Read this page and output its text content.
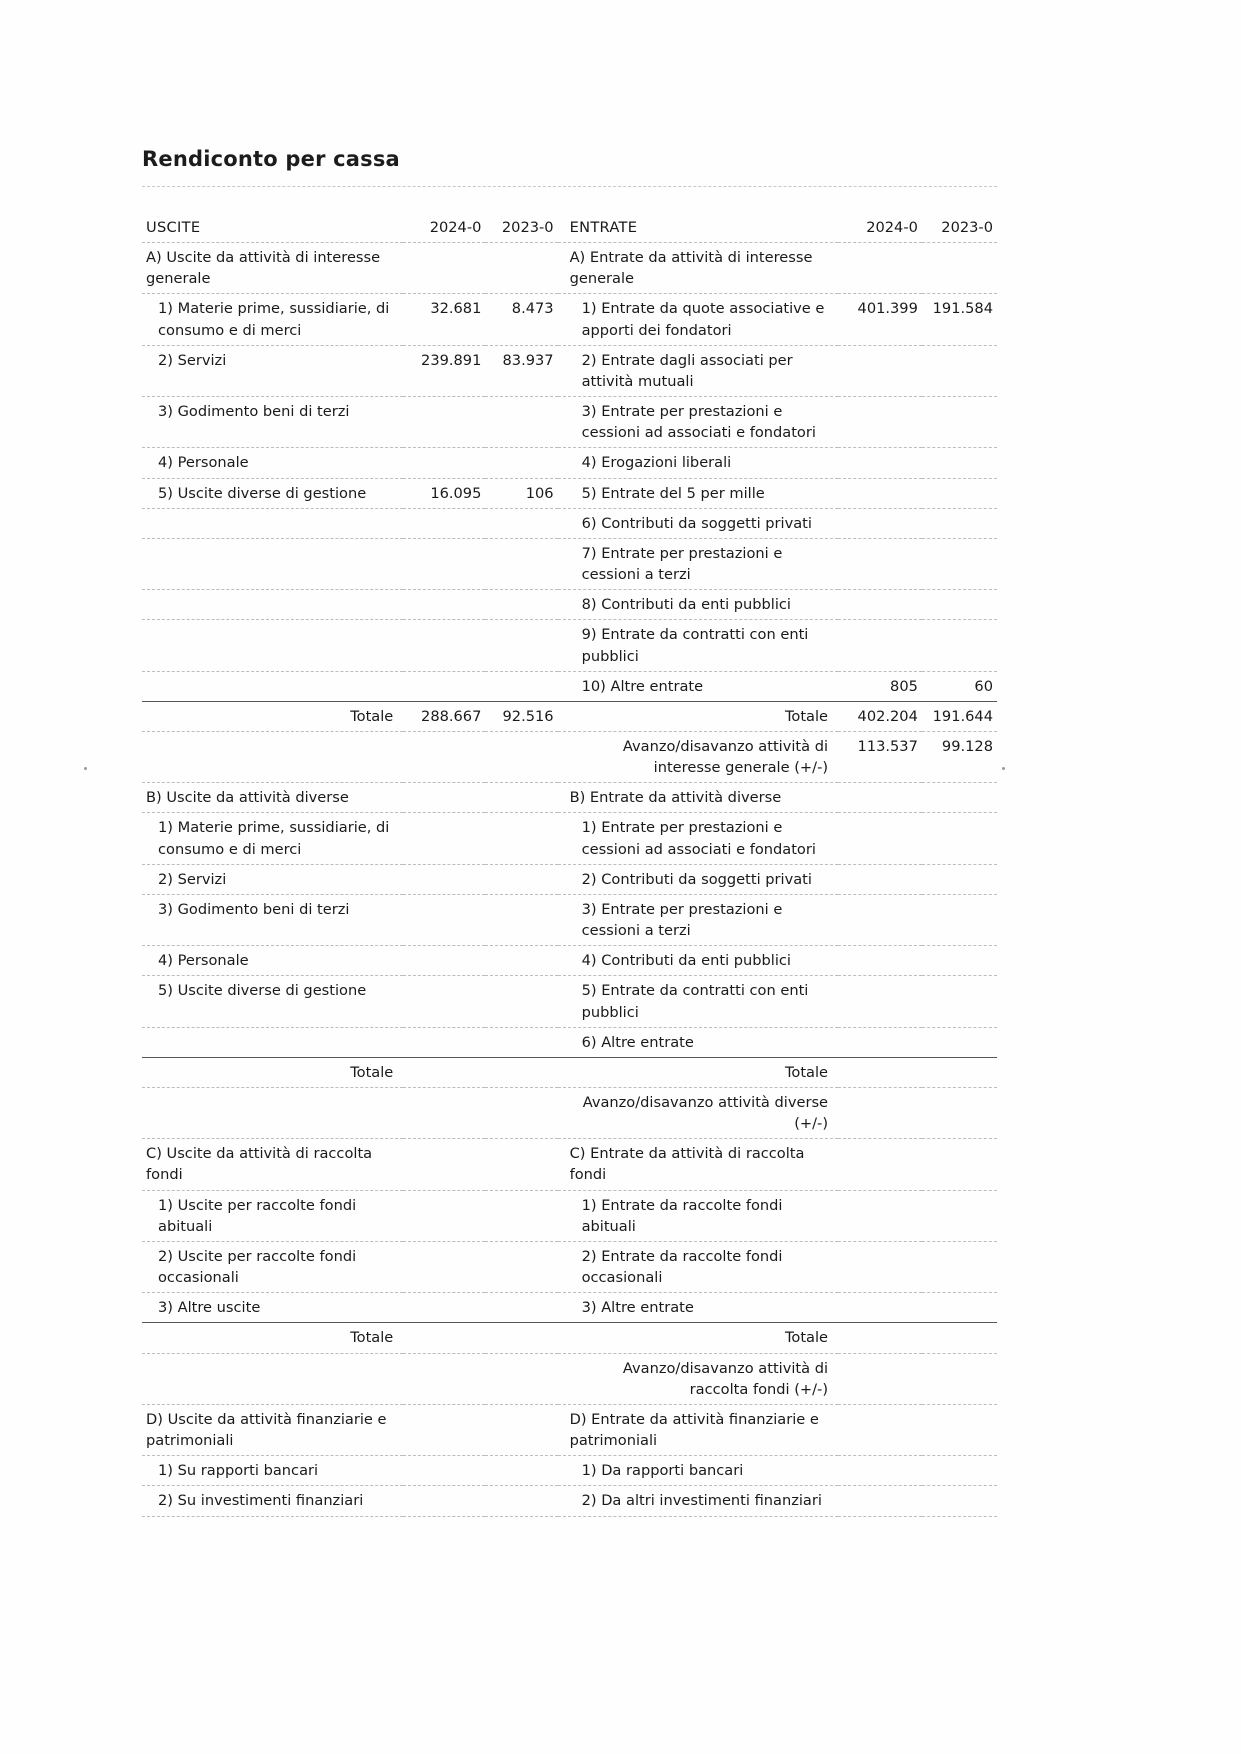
Rendiconto per cassa
USCITE	2024-0	2023-0	ENTRATE	2024-0	2023-0
A) Uscite da attività di interesse generale			A) Entrate da attività di interesse generale		
1) Materie prime, sussidiarie, di consumo e di merci	32.681	8.473	1) Entrate da quote associative e apporti dei fondatori	401.399	191.584
2) Servizi	239.891	83.937	2) Entrate dagli associati per attività mutuali		
3) Godimento beni di terzi			3) Entrate per prestazioni e cessioni ad associati e fondatori		
4) Personale			4) Erogazioni liberali		
5) Uscite diverse di gestione	16.095	106	5) Entrate del 5 per mille		
			6) Contributi da soggetti privati		
			7) Entrate per prestazioni e cessioni a terzi		
			8) Contributi da enti pubblici		
			9) Entrate da contratti con enti pubblici		
			10) Altre entrate	805	60
Totale	288.667	92.516	Totale	402.204	191.644
			Avanzo/disavanzo attività di interesse generale (+/-)	113.537	99.128
B) Uscite da attività diverse			B) Entrate da attività diverse		
1) Materie prime, sussidiarie, di consumo e di merci			1) Entrate per prestazioni e cessioni ad associati e fondatori		
2) Servizi			2) Contributi da soggetti privati		
3) Godimento beni di terzi			3) Entrate per prestazioni e cessioni a terzi		
4) Personale			4) Contributi da enti pubblici		
5) Uscite diverse di gestione			5) Entrate da contratti con enti pubblici		
			6) Altre entrate		
Totale			Totale		
			Avanzo/disavanzo attività diverse (+/-)		
C) Uscite da attività di raccolta fondi			C) Entrate da attività di raccolta fondi		
1) Uscite per raccolte fondi abituali			1) Entrate da raccolte fondi abituali		
2) Uscite per raccolte fondi occasionali			2) Entrate da raccolte fondi occasionali		
3) Altre uscite			3) Altre entrate		
Totale			Totale		
			Avanzo/disavanzo attività di raccolta fondi (+/-)		
D) Uscite da attività finanziarie e patrimoniali			D) Entrate da attività finanziarie e patrimoniali		
1) Su rapporti bancari			1) Da rapporti bancari		
2) Su investimenti finanziari			2) Da altri investimenti finanziari		
